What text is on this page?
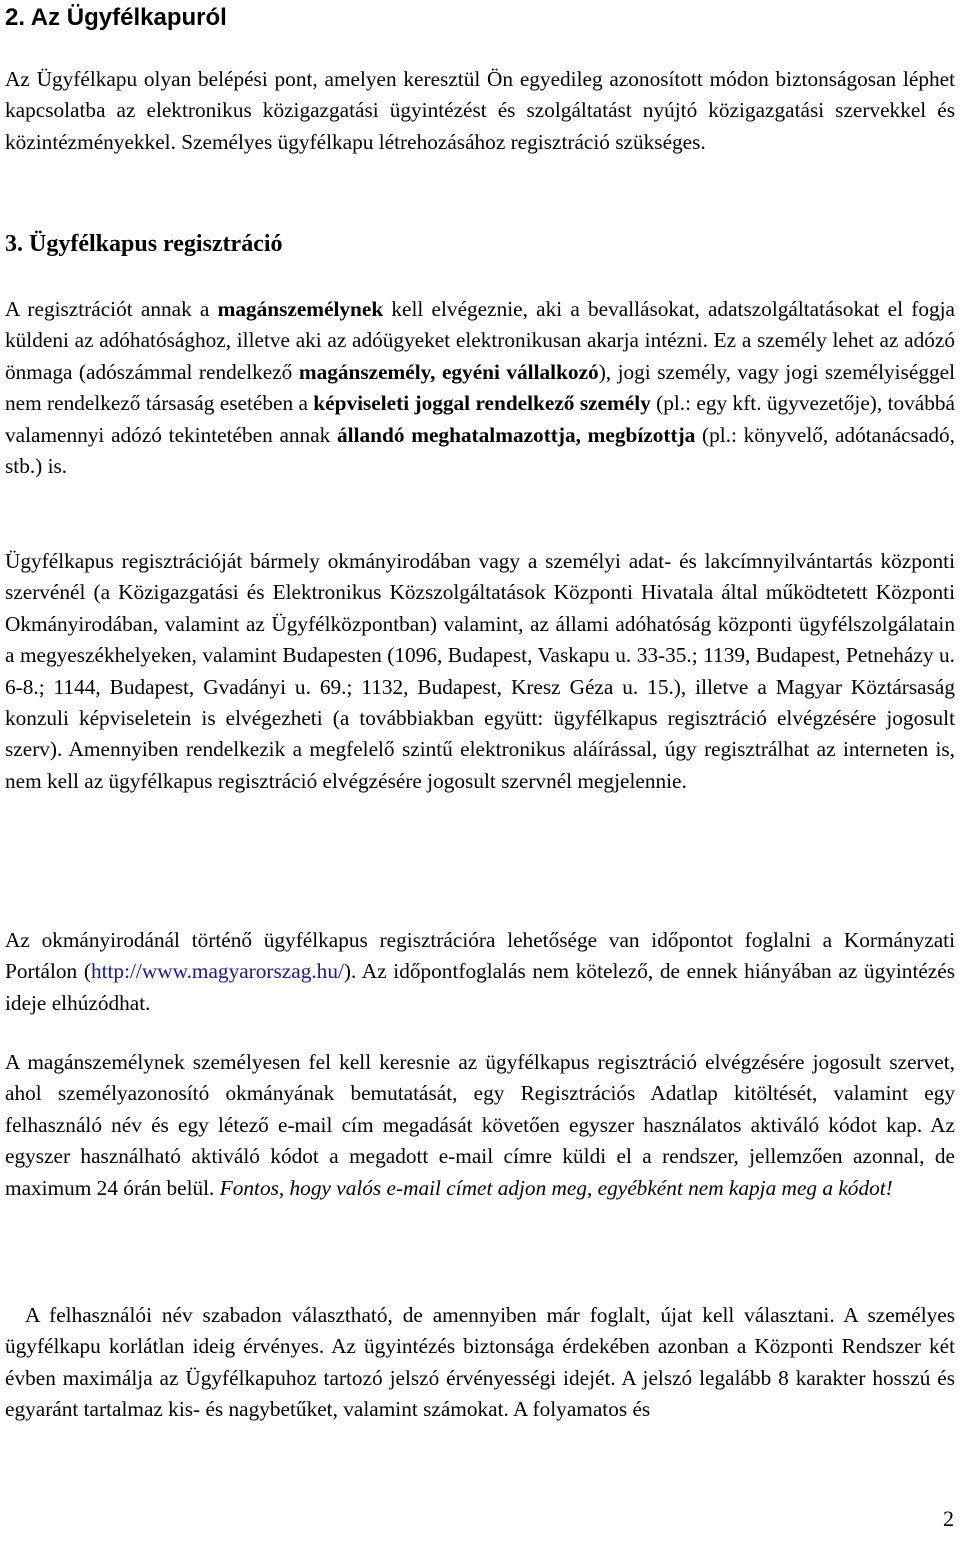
2. Az Ügyfélkapuról

Az Ügyfélkapu olyan belépési pont, amelyen keresztül Ön egyedileg azonosított módon biztonságosan léphet kapcsolatba az elektronikus közigazgatási ügyintézést és szolgáltatást nyújtó közigazgatási szervekkel és közintézményekkel. Személyes ügyfélkapu létrehozásához regisztráció szükséges.

3. Ügyfélkapus regisztráció

A regisztrációt annak a magánszemélynek kell elvégeznie, aki a bevallásokat, adatszolgáltatásokat el fogja küldeni az adóhatósághoz, illetve aki az adóügyeket elektronikusan akarja intézni. Ez a személy lehet az adózó önmaga (adószámmal rendelkező magánszemély, egyéni vállalkozó), jogi személy, vagy jogi személyiséggel nem rendelkező társaság esetében a képviseleti joggal rendelkező személy (pl.: egy kft. ügyvezetője), továbbá valamennyi adózó tekintetében annak állandó meghatalmazottja, megbízottja (pl.: könyvelő, adótanácsadó, stb.) is.

Ügyfélkapus regisztrációját bármely okmányirodában vagy a személyi adat- és lakcímnyilvántartás központi szervénél (a Közigazgatási és Elektronikus Közszolgáltatások Központi Hivatala által működtetett Központi Okmányirodában, valamint az Ügyfélközpontban) valamint, az állami adóhatóság központi ügyfélszolgálatain a megyeszékhelyeken, valamint Budapesten (1096, Budapest, Vaskapu u. 33-35.; 1139, Budapest, Petneházy u. 6-8.; 1144, Budapest, Gvadányi u. 69.; 1132, Budapest, Kresz Géza u. 15.), illetve a Magyar Köztársaság konzuli képviseletein is elvégezheti (a továbbiakban együtt: ügyfélkapus regisztráció elvégzésére jogosult szerv). Amennyiben rendelkezik a megfelelő szintű elektronikus aláírással, úgy regisztrálhat az interneten is, nem kell az ügyfélkapus regisztráció elvégzésére jogosult szervnél megjelennie.

Az okmányirodánál történő ügyfélkapus regisztrációra lehetősége van időpontot foglalni a Kormányzati Portálon (http://www.magyarorszag.hu/). Az időpontfoglalás nem kötelező, de ennek hiányában az ügyintézés ideje elhúzódhat.

A magánszemélynek személyesen fel kell keresnie az ügyfélkapus regisztráció elvégzésére jogosult szervet, ahol személyazonosító okmányának bemutatását, egy Regisztrációs Adatlap kitöltését, valamint egy felhasználó név és egy létező e-mail cím megadását követően egyszer használatos aktiváló kódot kap. Az egyszer használható aktiváló kódot a megadott e-mail címre küldi el a rendszer, jellemzően azonnal, de maximum 24 órán belül. Fontos, hogy valós e-mail címet adjon meg, egyébként nem kapja meg a kódot!

A felhasználói név szabadon választható, de amennyiben már foglalt, újat kell választani. A személyes ügyfélkapu korlátlan ideig érvényes. Az ügyintézés biztonsága érdekében azonban a Központi Rendszer két évben maximálja az Ügyfélkapuhoz tartozó jelszó érvényességi idejét. A jelszó legalább 8 karakter hosszú és egyaránt tartalmaz kis- és nagybetűket, valamint számokat. A folyamatos és

2
